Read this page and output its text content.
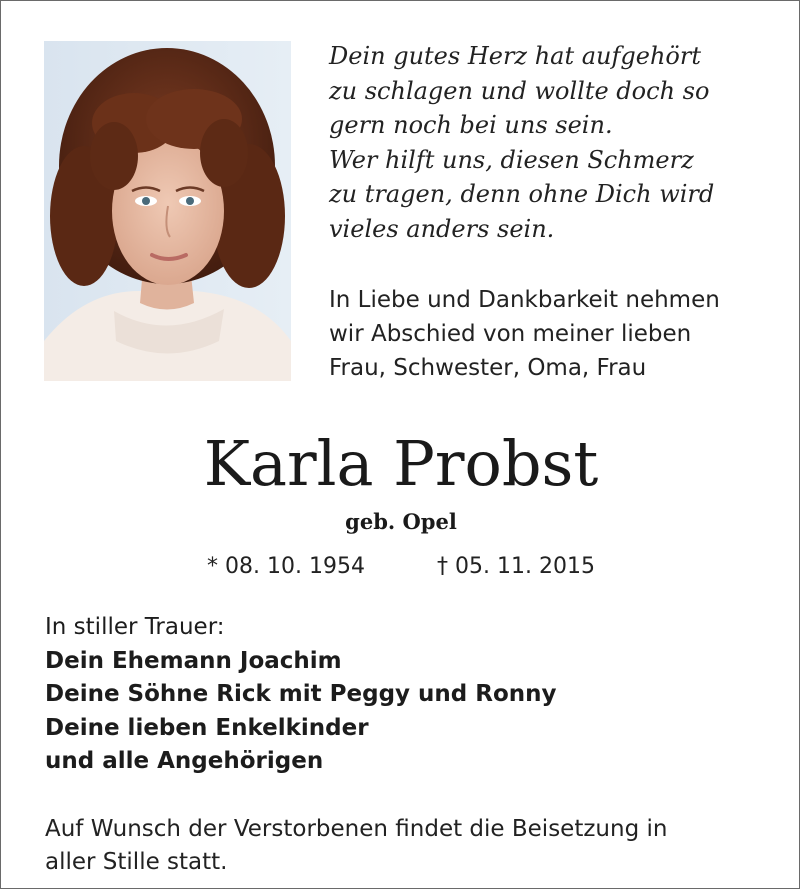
Dein gutes Herz hat aufgehört
zu schlagen und wollte doch so
gern noch bei uns sein.
Wer hilft uns, diesen Schmerz
zu tragen, denn ohne Dich wird
vieles anders sein.
In Liebe und Dankbarkeit nehmen
wir Abschied von meiner lieben
Frau, Schwester, Oma, Frau
Karla Probst
geb. Opel
* 08. 10. 1954	† 05. 11. 2015
In stiller Trauer:
Dein Ehemann Joachim
Deine Söhne Rick mit Peggy und Ronny
Deine lieben Enkelkinder
und alle Angehörigen
Auf Wunsch der Verstorbenen findet die Beisetzung in
aller Stille statt.
